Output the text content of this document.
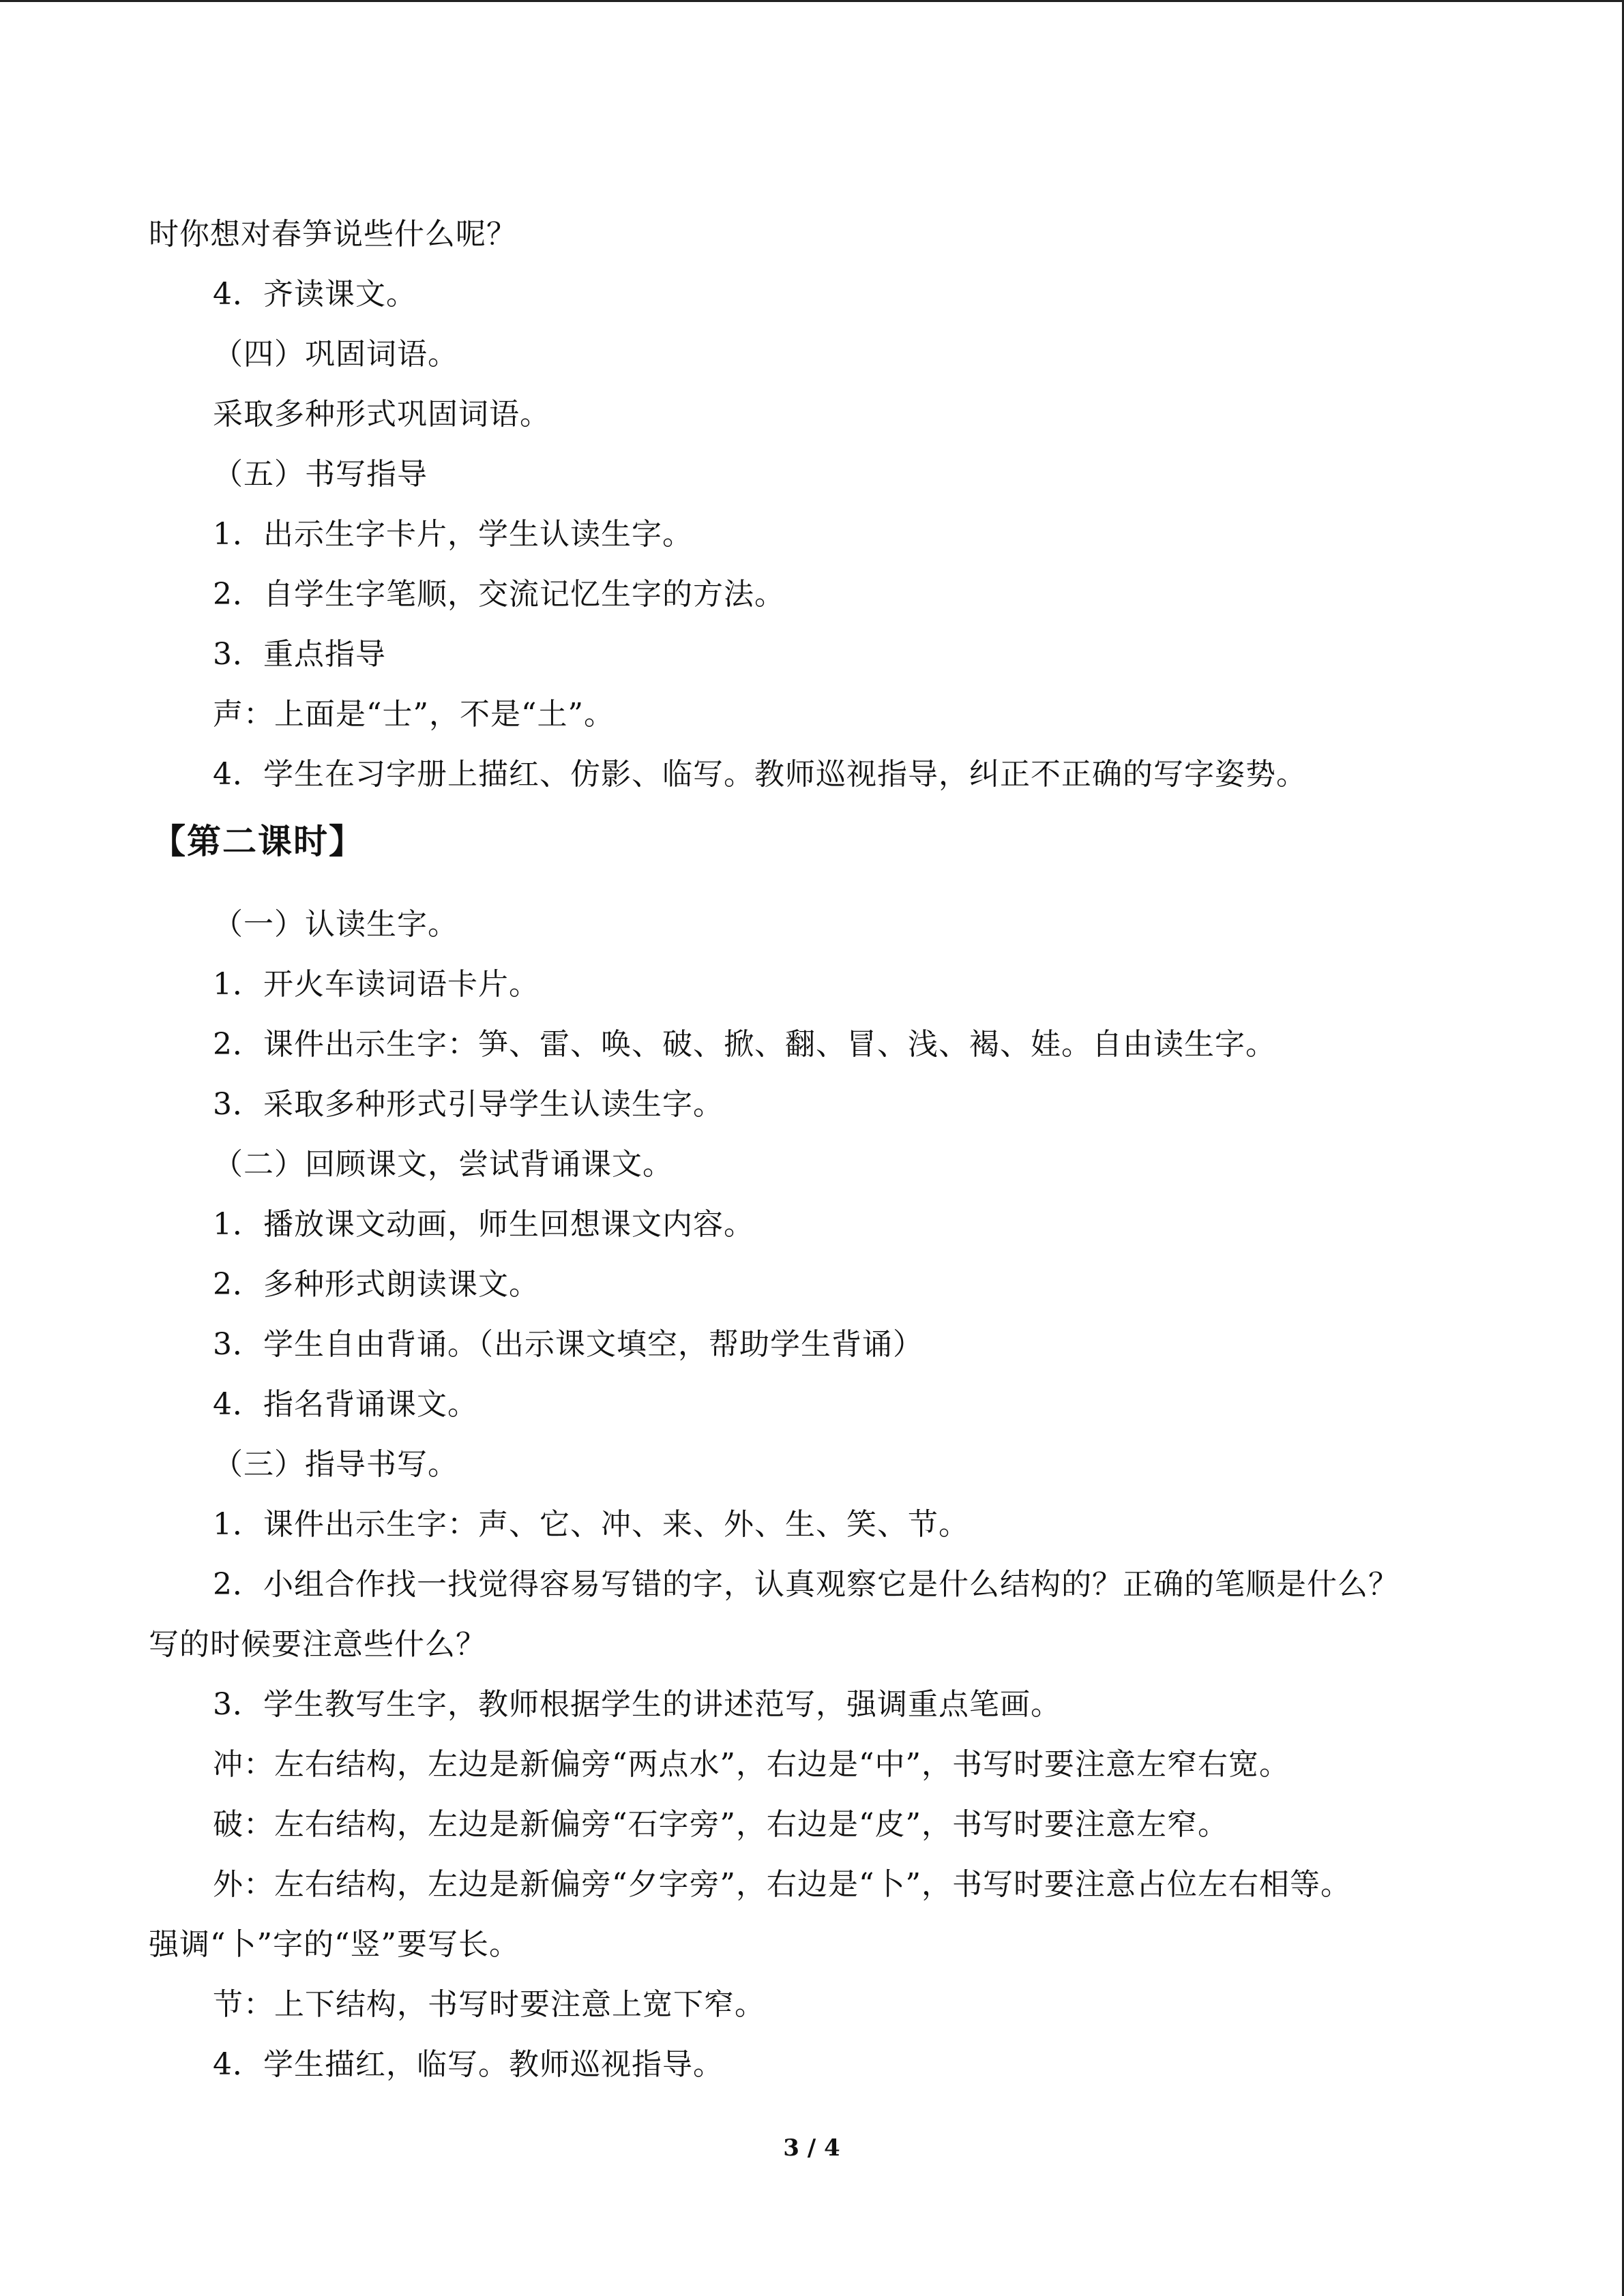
时你想对春笋说些什么呢？
4．齐读课文。
（四）巩固词语。
采取多种形式巩固词语。
（五）书写指导
1．出示生字卡片，学生认读生字。
2．自学生字笔顺，交流记忆生字的方法。
3．重点指导
声：上面是“士”，不是“土”。
4．学生在习字册上描红、仿影、临写。教师巡视指导，纠正不正确的写字姿势。
【第二课时】
（一）认读生字。
1．开火车读词语卡片。
2．课件出示生字：笋、雷、唤、破、掀、翻、冒、浅、褐、娃。自由读生字。
3．采取多种形式引导学生认读生字。
（二）回顾课文，尝试背诵课文。
1．播放课文动画，师生回想课文内容。
2．多种形式朗读课文。
3．学生自由背诵。（出示课文填空，帮助学生背诵）
4．指名背诵课文。
（三）指导书写。
1．课件出示生字：声、它、冲、来、外、生、笑、节。
2．小组合作找一找觉得容易写错的字，认真观察它是什么结构的？正确的笔顺是什么？
写的时候要注意些什么？
3．学生教写生字，教师根据学生的讲述范写，强调重点笔画。
冲：左右结构，左边是新偏旁“两点水”，右边是“中”，书写时要注意左窄右宽。
破：左右结构，左边是新偏旁“石字旁”，右边是“皮”，书写时要注意左窄。
外：左右结构，左边是新偏旁“夕字旁”，右边是“卜”，书写时要注意占位左右相等。
强调“卜”字的“竖”要写长。
节：上下结构，书写时要注意上宽下窄。
4．学生描红，临写。教师巡视指导。
3 / 4
